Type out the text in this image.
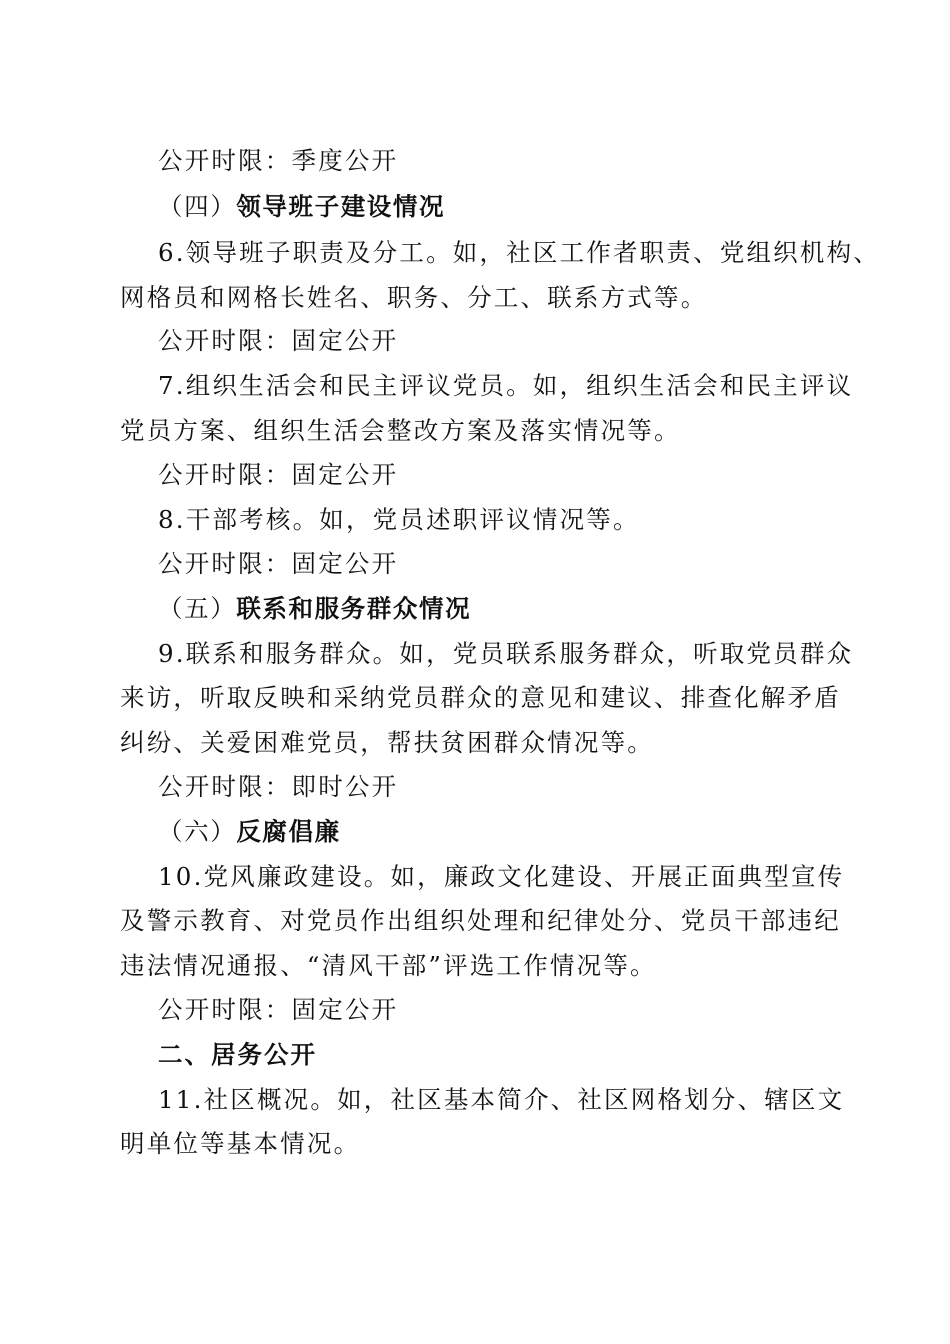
公开时限：季度公开
（四）领导班子建设情况
6.领导班子职责及分工。如，社区工作者职责、党组织机构、
网格员和网格长姓名、职务、分工、联系方式等。
公开时限：固定公开
7.组织生活会和民主评议党员。如，组织生活会和民主评议
党员方案、组织生活会整改方案及落实情况等。
公开时限：固定公开
8.干部考核。如，党员述职评议情况等。
公开时限：固定公开
（五）联系和服务群众情况
9.联系和服务群众。如，党员联系服务群众，听取党员群众
来访，听取反映和采纳党员群众的意见和建议、排查化解矛盾
纠纷、关爱困难党员，帮扶贫困群众情况等。
公开时限：即时公开
（六）反腐倡廉
10.党风廉政建设。如，廉政文化建设、开展正面典型宣传
及警示教育、对党员作出组织处理和纪律处分、党员干部违纪
违法情况通报、“清风干部”评选工作情况等。
公开时限：固定公开
二、居务公开
11.社区概况。如，社区基本简介、社区网格划分、辖区文
明单位等基本情况。
